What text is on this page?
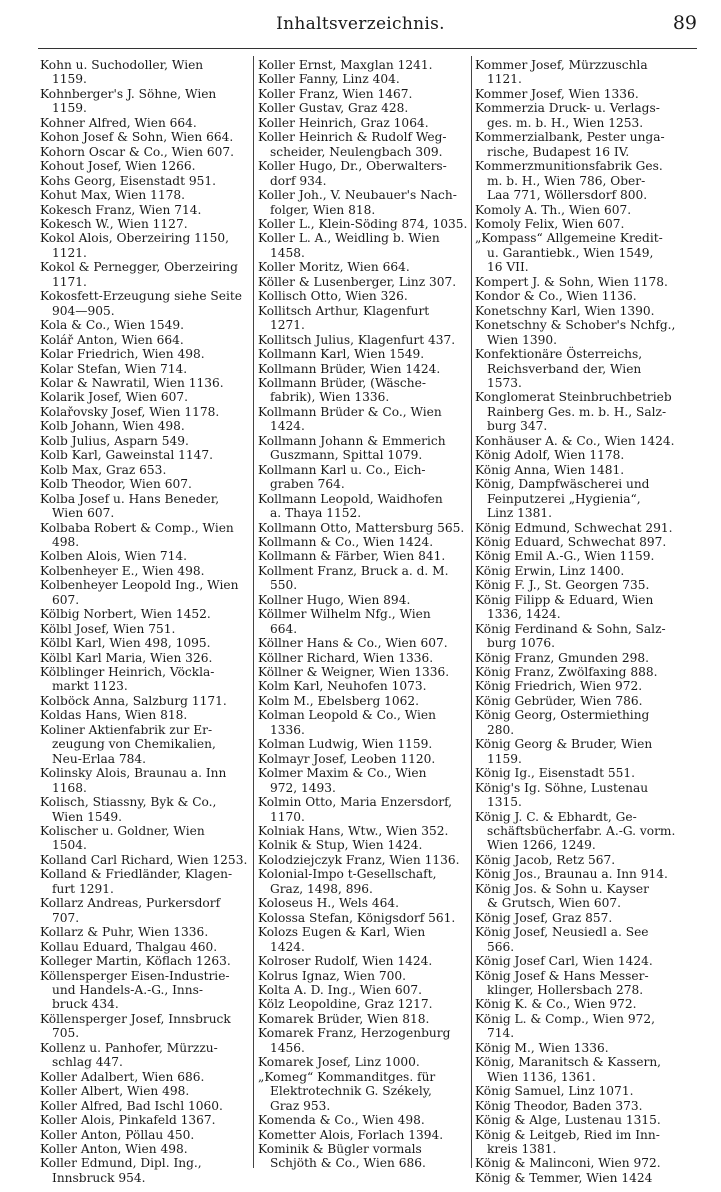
Inhaltsverzeichnis.	89
Kohn u. Suchodoller, Wien
1159.
Kohnberger's J. Söhne, Wien
1159.
Kohner Alfred, Wien 664.
Kohon Josef & Sohn, Wien 664.
Kohorn Oscar & Co., Wien 607.
Kohout Josef, Wien 1266.
Kohs Georg, Eisenstadt 951.
Kohut Max, Wien 1178.
Kokesch Franz, Wien 714.
Kokesch W., Wien 1127.
Kokol Alois, Oberzeiring 1150,
1121.
Kokol & Pernegger, Oberzeiring
1171.
Kokosfett-Erzeugung siehe Seite
904—905.
Kola & Co., Wien 1549.
Kolář Anton, Wien 664.
Kolar Friedrich, Wien 498.
Kolar Stefan, Wien 714.
Kolar & Nawratil, Wien 1136.
Kolarik Josef, Wien 607.
Kolařovsky Josef, Wien 1178.
Kolb Johann, Wien 498.
Kolb Julius, Asparn 549.
Kolb Karl, Gaweinstal 1147.
Kolb Max, Graz 653.
Kolb Theodor, Wien 607.
Kolba Josef u. Hans Beneder,
Wien 607.
Kolbaba Robert & Comp., Wien
498.
Kolben Alois, Wien 714.
Kolbenheyer E., Wien 498.
Kolbenheyer Leopold Ing., Wien
607.
Kölbig Norbert, Wien 1452.
Kölbl Josef, Wien 751.
Kölbl Karl, Wien 498, 1095.
Kölbl Karl Maria, Wien 326.
Kölblinger Heinrich, Vöckla-
markt 1123.
Kolböck Anna, Salzburg 1171.
Koldas Hans, Wien 818.
Koliner Aktienfabrik zur Er-
zeugung von Chemikalien,
Neu-Erlaa 784.
Kolinsky Alois, Braunau a. Inn
1168.
Kolisch, Stiassny, Byk & Co.,
Wien 1549.
Kolischer u. Goldner, Wien
1504.
Kolland Carl Richard, Wien 1253.
Kolland & Friedländer, Klagen-
furt 1291.
Kollarz Andreas, Purkersdorf
707.
Kollarz & Puhr, Wien 1336.
Kollau Eduard, Thalgau 460.
Kolleger Martin, Köflach 1263.
Köllensperger Eisen-Industrie-
und Handels-A.-G., Inns-
bruck 434.
Köllensperger Josef, Innsbruck
705.
Kollenz u. Panhofer, Mürzzu-
schlag 447.
Koller Adalbert, Wien 686.
Koller Albert, Wien 498.
Koller Alfred, Bad Ischl 1060.
Koller Alois, Pinkafeld 1367.
Koller Anton, Pöllau 450.
Koller Anton, Wien 498.
Koller Edmund, Dipl. Ing.,
Innsbruck 954.
Koller Ernst, Maxglan 1241.
Koller Fanny, Linz 404.
Koller Franz, Wien 1467.
Koller Gustav, Graz 428.
Koller Heinrich, Graz 1064.
Koller Heinrich & Rudolf Weg-
scheider, Neulengbach 309.
Koller Hugo, Dr., Oberwalters-
dorf 934.
Koller Joh., V. Neubauer's Nach-
folger, Wien 818.
Koller L., Klein-Söding 874, 1035.
Koller L. A., Weidling b. Wien
1458.
Koller Moritz, Wien 664.
Köller & Lusenberger, Linz 307.
Kollisch Otto, Wien 326.
Kollitsch Arthur, Klagenfurt
1271.
Kollitsch Julius, Klagenfurt 437.
Kollmann Karl, Wien 1549.
Kollmann Brüder, Wien 1424.
Kollmann Brüder, (Wäsche-
fabrik), Wien 1336.
Kollmann Brüder & Co., Wien
1424.
Kollmann Johann & Emmerich
Guszmann, Spittal 1079.
Kollmann Karl u. Co., Eich-
graben 764.
Kollmann Leopold, Waidhofen
a. Thaya 1152.
Kollmann Otto, Mattersburg 565.
Kollmann & Co., Wien 1424.
Kollmann & Färber, Wien 841.
Kollment Franz, Bruck a. d. M.
550.
Kollner Hugo, Wien 894.
Köllmer Wilhelm Nfg., Wien
664.
Köllner Hans & Co., Wien 607.
Köllner Richard, Wien 1336.
Köllner & Weigner, Wien 1336.
Kolm Karl, Neuhofen 1073.
Kolm M., Ebelsberg 1062.
Kolman Leopold & Co., Wien
1336.
Kolman Ludwig, Wien 1159.
Kolmayr Josef, Leoben 1120.
Kolmer Maxim & Co., Wien
972, 1493.
Kolmin Otto, Maria Enzersdorf,
1170.
Kolniak Hans, Wtw., Wien 352.
Kolnik & Stup, Wien 1424.
Kolodziejczyk Franz, Wien 1136.
Kolonial-Impo t-Gesellschaft,
Graz, 1498, 896.
Koloseus H., Wels 464.
Kolossa Stefan, Königsdorf 561.
Kolozs Eugen & Karl, Wien
1424.
Kolroser Rudolf, Wien 1424.
Kolrus Ignaz, Wien 700.
Kolta A. D. Ing., Wien 607.
Kölz Leopoldine, Graz 1217.
Komarek Brüder, Wien 818.
Komarek Franz, Herzogenburg
1456.
Komarek Josef, Linz 1000.
„Komeg“ Kommanditges. für
Elektrotechnik G. Székely,
Graz 953.
Komenda & Co., Wien 498.
Kometter Alois, Forlach 1394.
Kominik & Bügler vormals
Schjöth & Co., Wien 686.
Kommer Josef, Mürzzuschla
1121.
Kommer Josef, Wien 1336.
Kommerzia Druck- u. Verlags-
ges. m. b. H., Wien 1253.
Kommerzialbank, Pester unga-
rische, Budapest 16 IV.
Kommerzmunitionsfabrik Ges.
m. b. H., Wien 786, Ober-
Laa 771, Wöllersdorf 800.
Komoly A. Th., Wien 607.
Komoly Felix, Wien 607.
„Kompass“ Allgemeine Kredit-
u. Garantiebk., Wien 1549,
16 VII.
Kompert J. & Sohn, Wien 1178.
Kondor & Co., Wien 1136.
Konetschny Karl, Wien 1390.
Konetschny & Schober's Nchfg.,
Wien 1390.
Konfektionäre Österreichs,
Reichsverband der, Wien
1573.
Konglomerat Steinbruchbetrieb
Rainberg Ges. m. b. H., Salz-
burg 347.
Konhäuser A. & Co., Wien 1424.
König Adolf, Wien 1178.
König Anna, Wien 1481.
König, Dampfwäscherei und
Feinputzerei „Hygienia“,
Linz 1381.
König Edmund, Schwechat 291.
König Eduard, Schwechat 897.
König Emil A.-G., Wien 1159.
König Erwin, Linz 1400.
König F. J., St. Georgen 735.
König Filipp & Eduard, Wien
1336, 1424.
König Ferdinand & Sohn, Salz-
burg 1076.
König Franz, Gmunden 298.
König Franz, Zwölfaxing 888.
König Friedrich, Wien 972.
König Gebrüder, Wien 786.
König Georg, Ostermiething
280.
König Georg & Bruder, Wien
1159.
König Ig., Eisenstadt 551.
König's Ig. Söhne, Lustenau
1315.
König J. C. & Ebhardt, Ge-
schäftsbücherfabr. A.-G. vorm.
Wien 1266, 1249.
König Jacob, Retz 567.
König Jos., Braunau a. Inn 914.
König Jos. & Sohn u. Kayser
& Grutsch, Wien 607.
König Josef, Graz 857.
König Josef, Neusiedl a. See
566.
König Josef Carl, Wien 1424.
König Josef & Hans Messer-
klinger, Hollersbach 278.
König K. & Co., Wien 972.
König L. & Comp., Wien 972,
714.
König M., Wien 1336.
König, Maranitsch & Kassern,
Wien 1136, 1361.
König Samuel, Linz 1071.
König Theodor, Baden 373.
König & Alge, Lustenau 1315.
König & Leitgeb, Ried im Inn-
kreis 1381.
König & Malinconi, Wien 972.
König & Temmer, Wien 1424
